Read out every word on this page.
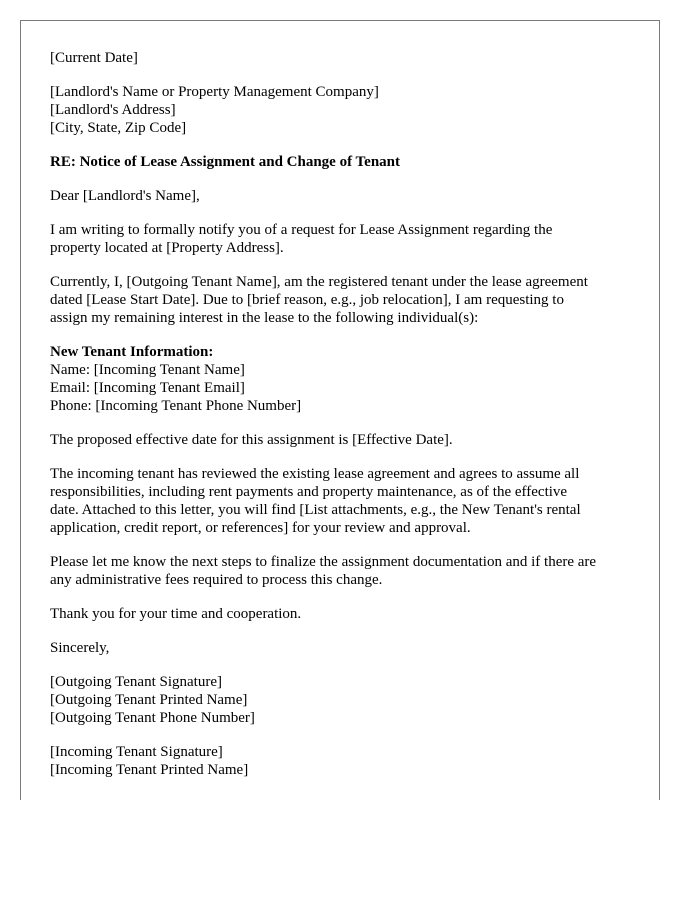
[Current Date]
[Landlord's Name or Property Management Company]
[Landlord's Address]
[City, State, Zip Code]
RE: Notice of Lease Assignment and Change of Tenant
Dear [Landlord's Name],
I am writing to formally notify you of a request for Lease Assignment regarding the
property located at [Property Address].
Currently, I, [Outgoing Tenant Name], am the registered tenant under the lease agreement
dated [Lease Start Date]. Due to [brief reason, e.g., job relocation], I am requesting to
assign my remaining interest in the lease to the following individual(s):
New Tenant Information:
Name: [Incoming Tenant Name]
Email: [Incoming Tenant Email]
Phone: [Incoming Tenant Phone Number]
The proposed effective date for this assignment is [Effective Date].
The incoming tenant has reviewed the existing lease agreement and agrees to assume all
responsibilities, including rent payments and property maintenance, as of the effective
date. Attached to this letter, you will find [List attachments, e.g., the New Tenant's rental
application, credit report, or references] for your review and approval.
Please let me know the next steps to finalize the assignment documentation and if there are
any administrative fees required to process this change.
Thank you for your time and cooperation.
Sincerely,
[Outgoing Tenant Signature]
[Outgoing Tenant Printed Name]
[Outgoing Tenant Phone Number]
[Incoming Tenant Signature]
[Incoming Tenant Printed Name]
